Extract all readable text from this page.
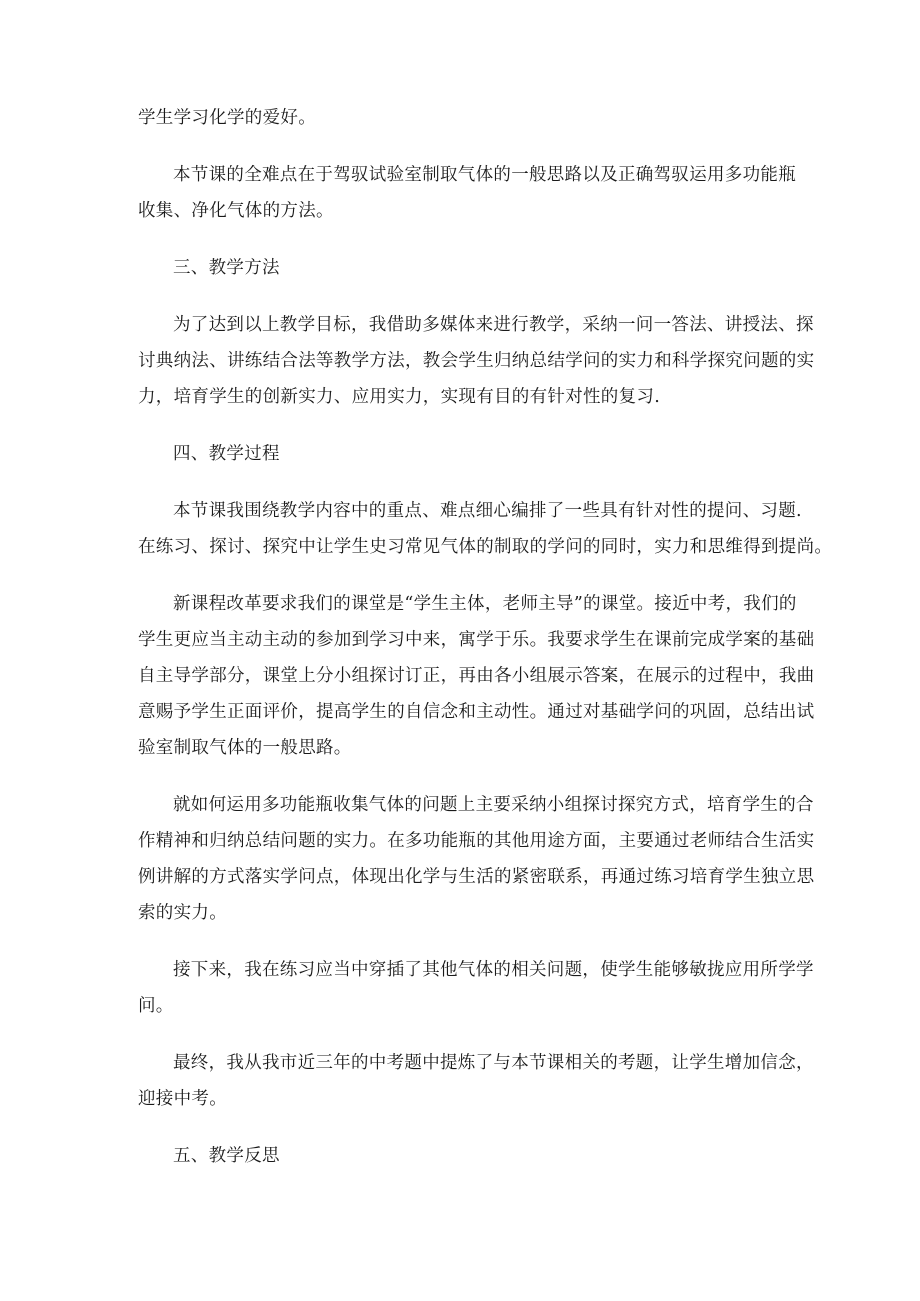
学生学习化学的爱好。

本节课的全难点在于驾驭试验室制取气体的一般思路以及正确驾驭运用多功能瓶
收集、净化气体的方法。

三、教学方法

为了达到以上教学目标，我借助多媒体来进行教学，采纳一问一答法、讲授法、探
讨典纳法、讲练结合法等教学方法，教会学生归纳总结学问的实力和科学探究问题的实
力，培育学生的创新实力、应用实力，实现有目的有针对性的复习.

四、教学过程

本节课我围绕教学内容中的重点、难点细心编排了一些具有针对性的提问、习题.
在练习、探讨、探究中让学生史习常见气体的制取的学问的同时，实力和思维得到提尚。

新课程改革要求我们的课堂是“学生主体，老师主导”的课堂。接近中考，我们的
学生更应当主动主动的参加到学习中来，寓学于乐。我要求学生在课前完成学案的基础
自主导学部分，课堂上分小组探讨订正，再由各小组展示答案，在展示的过程中，我曲
意赐予学生正面评价，提高学生的自信念和主动性。通过对基础学问的巩固，总结出试
验室制取气体的一般思路。

就如何运用多功能瓶收集气体的问题上主要采纳小组探讨探究方式，培育学生的合
作精神和归纳总结问题的实力。在多功能瓶的其他用途方面，主要通过老师结合生活实
例讲解的方式落实学问点，体现出化学与生活的紧密联系，再通过练习培育学生独立思
索的实力。

接下来，我在练习应当中穿插了其他气体的相关问题，使学生能够敏拢应用所学学
问。

最终，我从我市近三年的中考题中提炼了与本节课相关的考题，让学生增加信念，
迎接中考。

五、教学反思
